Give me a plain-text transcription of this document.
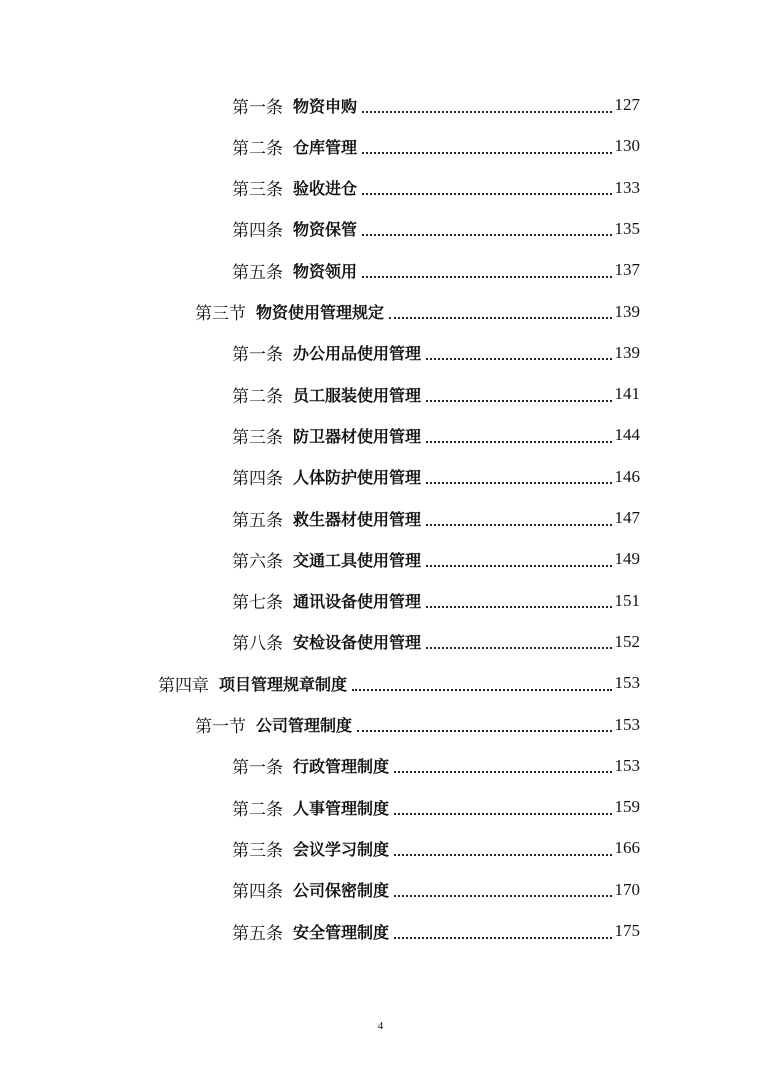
第一条 物资申购	127
第二条 仓库管理	130
第三条 验收进仓	133
第四条 物资保管	135
第五条 物资领用	137
第三节 物资使用管理规定	139
第一条 办公用品使用管理	139
第二条 员工服装使用管理	141
第三条 防卫器材使用管理	144
第四条 人体防护使用管理	146
第五条 救生器材使用管理	147
第六条 交通工具使用管理	149
第七条 通讯设备使用管理	151
第八条 安检设备使用管理	152
第四章 项目管理规章制度	153
第一节 公司管理制度	153
第一条 行政管理制度	153
第二条 人事管理制度	159
第三条 会议学习制度	166
第四条 公司保密制度	170
第五条 安全管理制度	175
4
